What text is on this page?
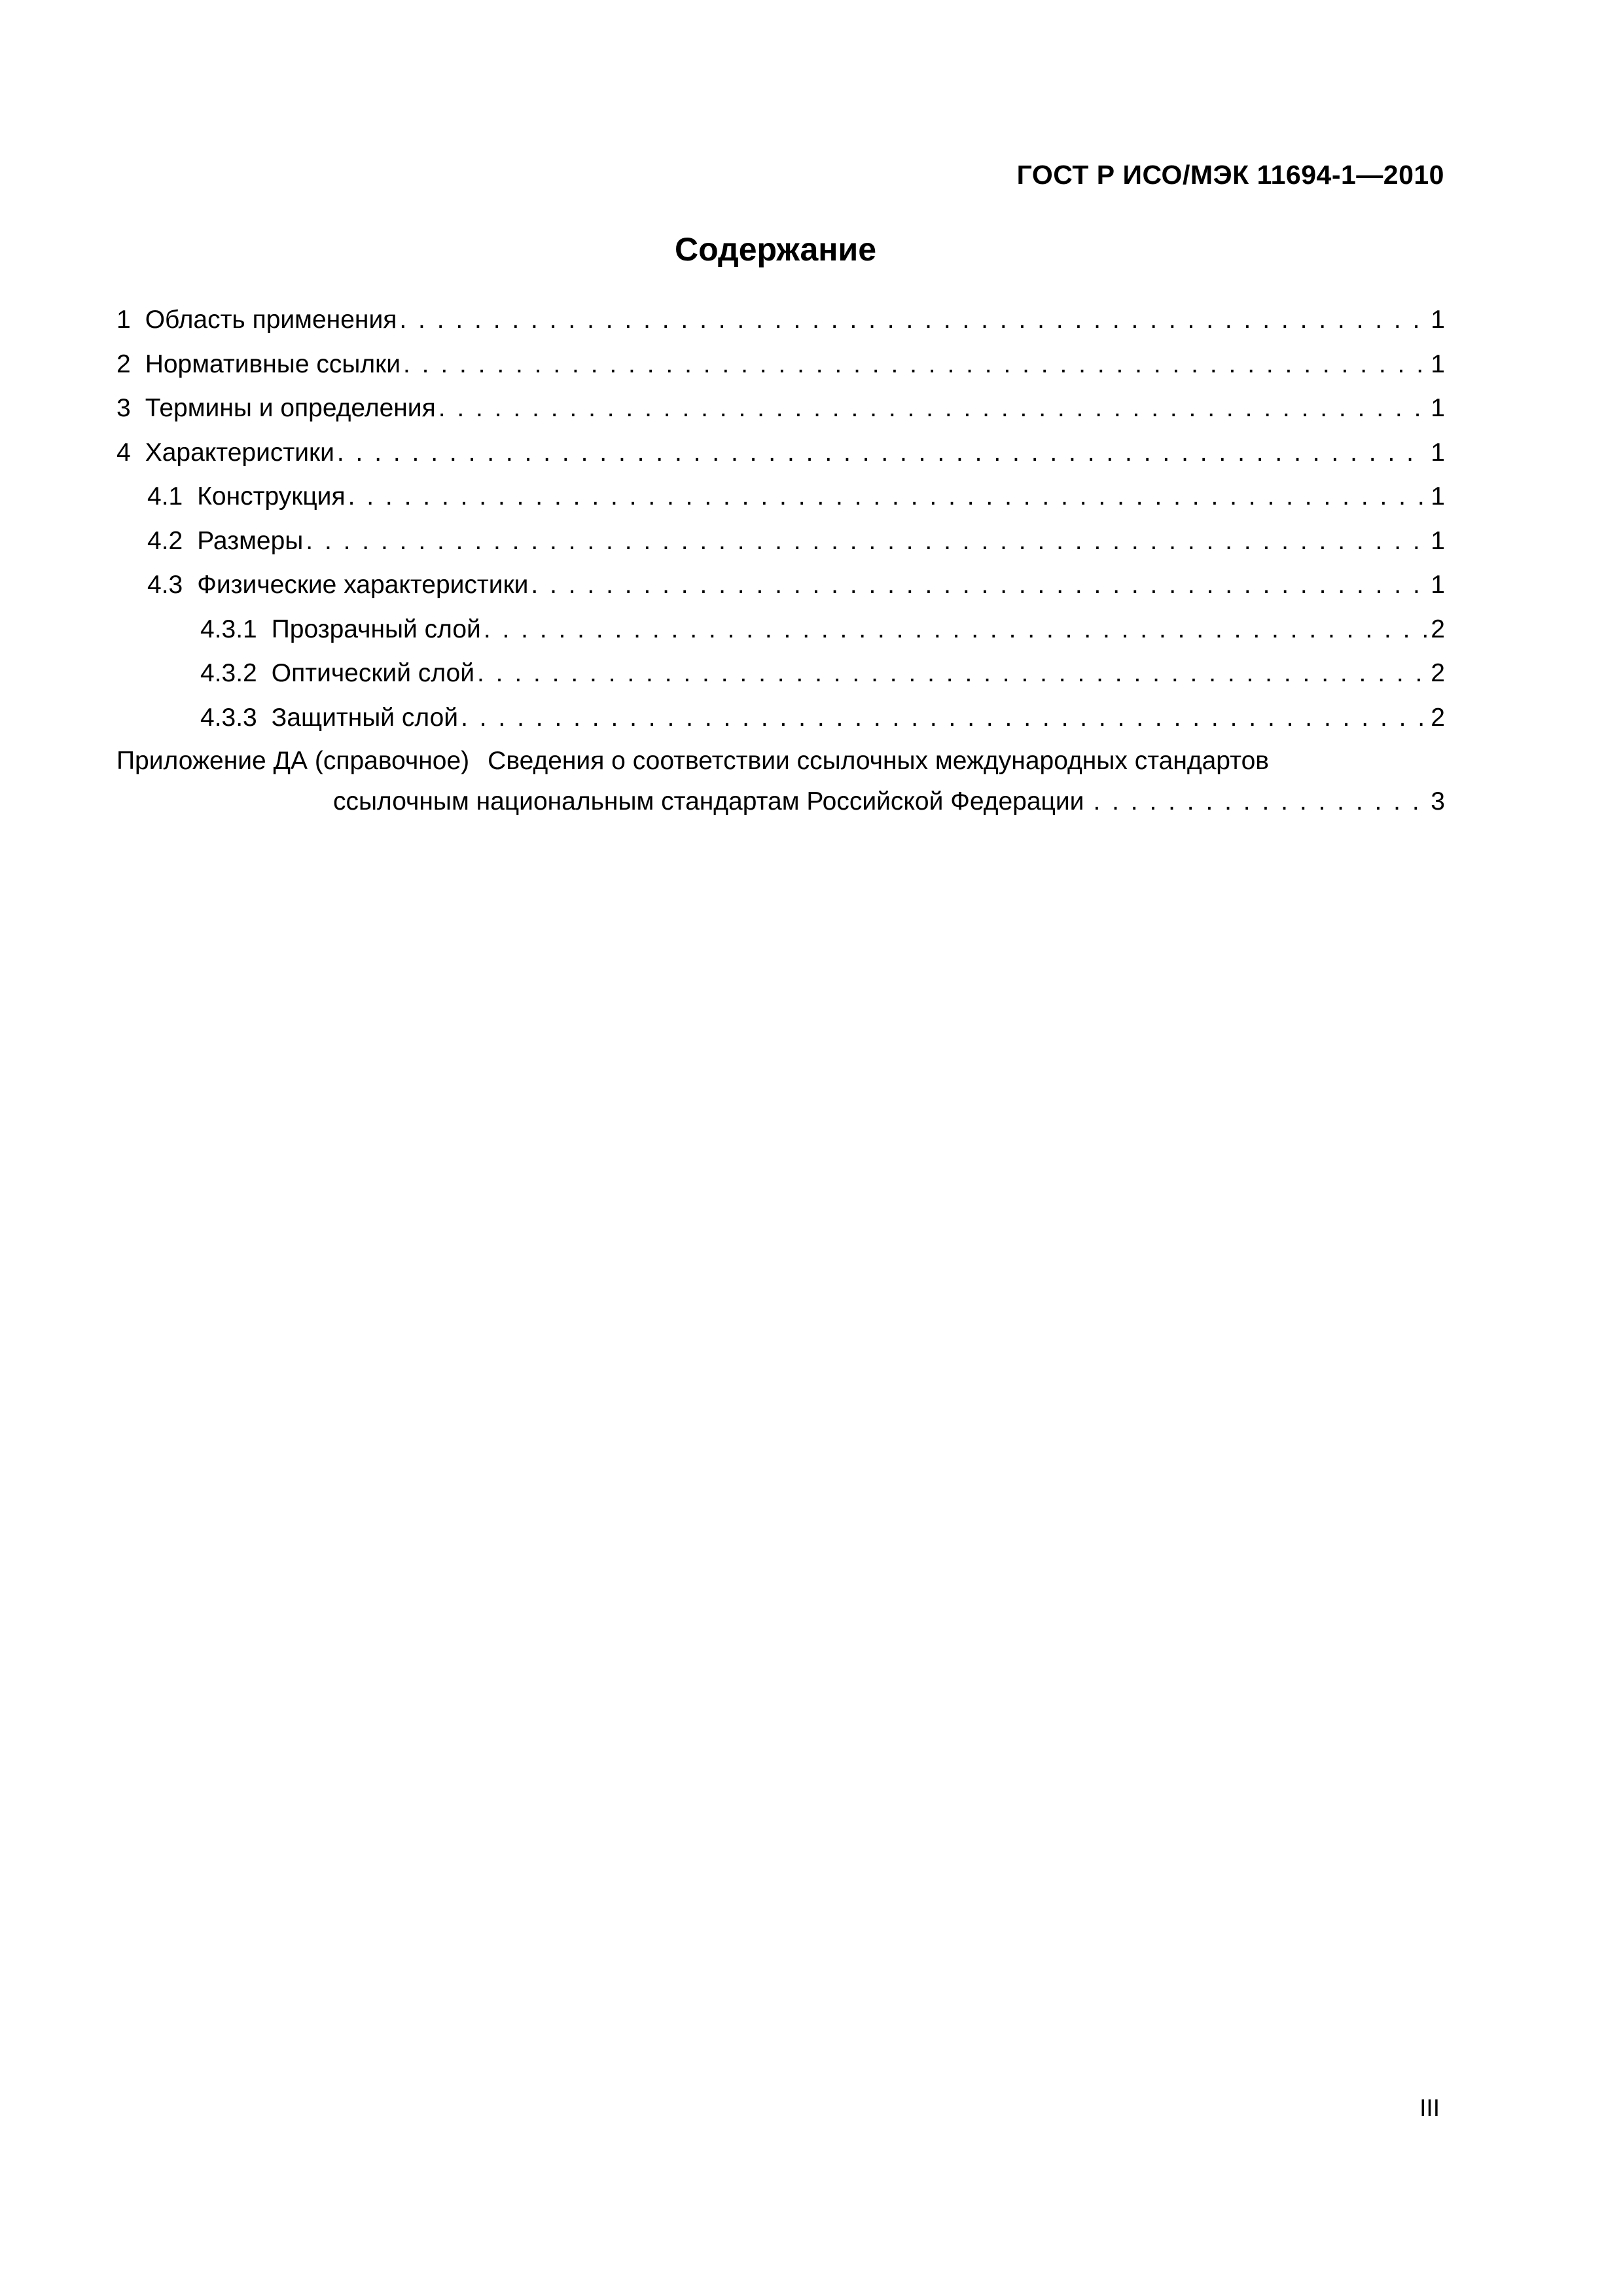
ГОСТ Р ИСО/МЭК 11694-1—2010
Содержание
1 Область применения . . .	1
2 Нормативные ссылки . . .	1
3 Термины и определения . . .	1
4 Характеристики . . .	1
4.1 Конструкция . . .	1
4.2 Размеры . . .	1
4.3 Физические характеристики . . .	1
4.3.1 Прозрачный слой . . .	2
4.3.2 Оптический слой . . .	2
4.3.3 Защитный слой . . .	2
Приложение ДА (справочное) Сведения о соответствии ссылочных международных стандартов
ссылочным национальным стандартам Российской Федерации . . .	3
III
